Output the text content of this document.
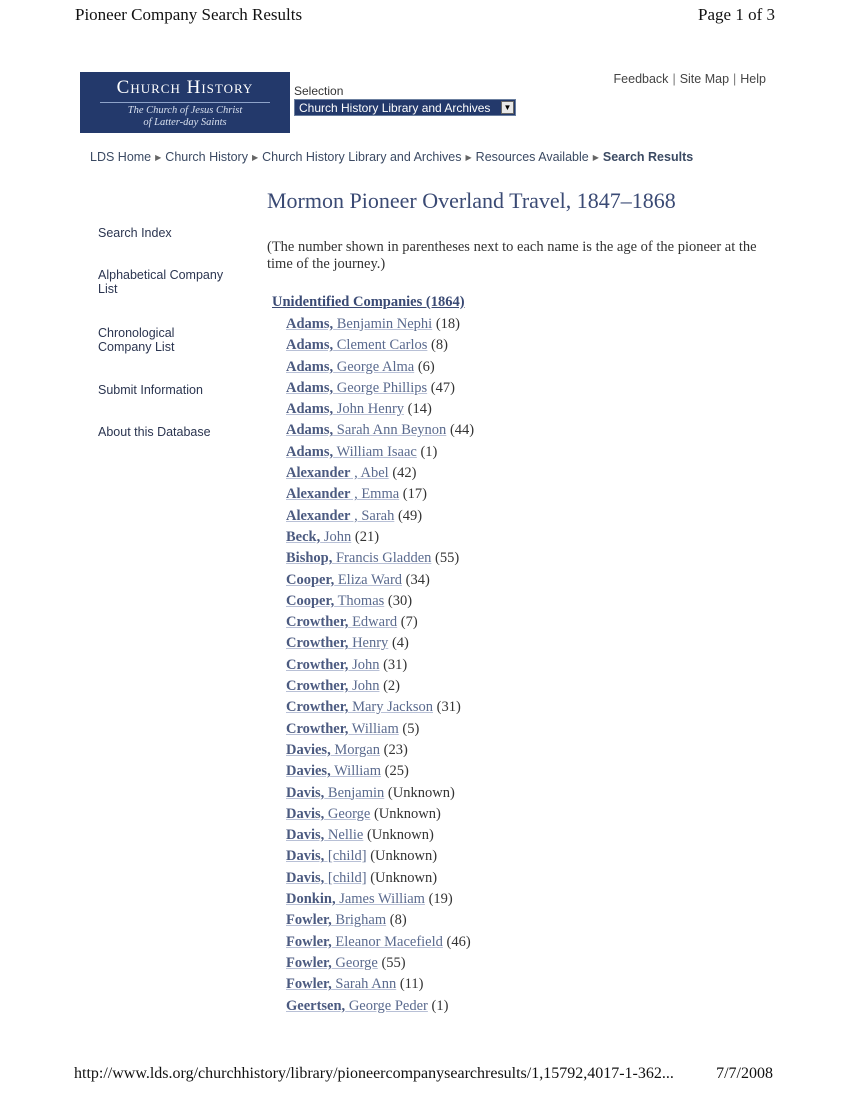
Pioneer Company Search Results	Page 1 of 3
Church History
The Church of Jesus Christ
of Latter-day Saints
Selection
Church History Library and Archives	▼
Feedback | Site Map | Help
LDS Home ▶ Church History ▶ Church History Library and Archives ▶ Resources Available ▶ Search Results
Search Index
Alphabetical Company List
Chronological Company List
Submit Information
About this Database
Mormon Pioneer Overland Travel, 1847–1868

(The number shown in parentheses next to each name is the age of the pioneer at the time of the journey.)

Unidentified Companies (1864)
Adams, Benjamin Nephi (18)
Adams, Clement Carlos (8)
Adams, George Alma (6)
Adams, George Phillips (47)
Adams, John Henry (14)
Adams, Sarah Ann Beynon (44)
Adams, William Isaac (1)
Alexander , Abel (42)
Alexander , Emma (17)
Alexander , Sarah (49)
Beck, John (21)
Bishop, Francis Gladden (55)
Cooper, Eliza Ward (34)
Cooper, Thomas (30)
Crowther, Edward (7)
Crowther, Henry (4)
Crowther, John (31)
Crowther, John (2)
Crowther, Mary Jackson (31)
Crowther, William (5)
Davies, Morgan (23)
Davies, William (25)
Davis, Benjamin (Unknown)
Davis, George (Unknown)
Davis, Nellie (Unknown)
Davis, [child] (Unknown)
Davis, [child] (Unknown)
Donkin, James William (19)
Fowler, Brigham (8)
Fowler, Eleanor Macefield (46)
Fowler, George (55)
Fowler, Sarah Ann (11)
Geertsen, George Peder (1)
http://www.lds.org/churchhistory/library/pioneercompanysearchresults/1,15792,4017-1-362...	7/7/2008
